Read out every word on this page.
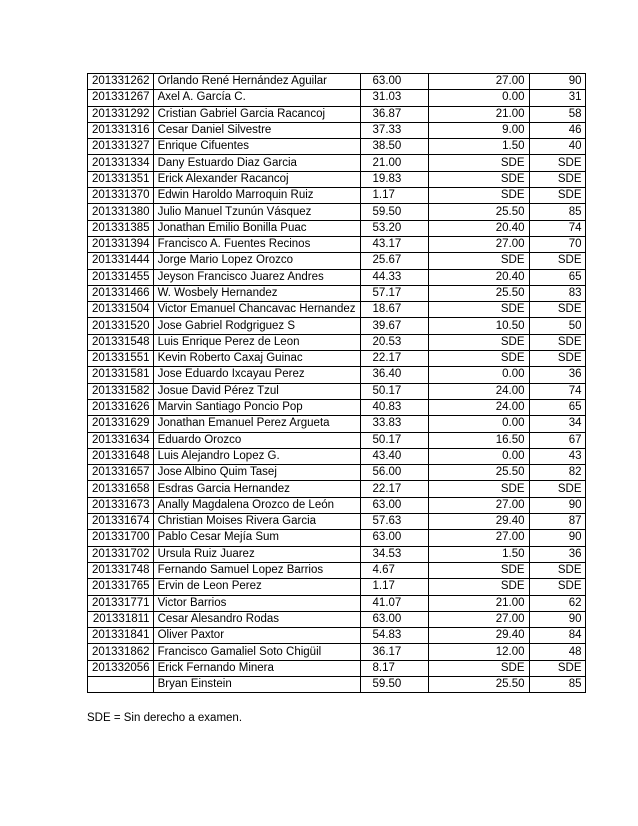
201331262	Orlando René Hernández Aguilar	63.00	27.00	90
201331267	Axel A. García C.	31.03	0.00	31
201331292	Cristian Gabriel Garcia Racancoj	36.87	21.00	58
201331316	Cesar Daniel Silvestre	37.33	9.00	46
201331327	Enrique Cifuentes	38.50	1.50	40
201331334	Dany Estuardo Diaz Garcia	21.00	SDE	SDE
201331351	Erick Alexander Racancoj	19.83	SDE	SDE
201331370	Edwin Haroldo Marroquin Ruiz	1.17	SDE	SDE
201331380	Julio Manuel Tzunún Vásquez	59.50	25.50	85
201331385	Jonathan Emilio Bonilla Puac	53.20	20.40	74
201331394	Francisco A. Fuentes Recinos	43.17	27.00	70
201331444	Jorge Mario Lopez Orozco	25.67	SDE	SDE
201331455	Jeyson Francisco Juarez Andres	44.33	20.40	65
201331466	W. Wosbely Hernandez	57.17	25.50	83
201331504	Victor Emanuel Chancavac Hernandez	18.67	SDE	SDE
201331520	Jose Gabriel Rodgriguez S	39.67	10.50	50
201331548	Luis Enrique Perez de Leon	20.53	SDE	SDE
201331551	Kevin Roberto Caxaj Guinac	22.17	SDE	SDE
201331581	Jose Eduardo Ixcayau Perez	36.40	0.00	36
201331582	Josue David Pérez Tzul	50.17	24.00	74
201331626	Marvin Santiago Poncio Pop	40.83	24.00	65
201331629	Jonathan Emanuel Perez Argueta	33.83	0.00	34
201331634	Eduardo Orozco	50.17	16.50	67
201331648	Luis Alejandro Lopez G.	43.40	0.00	43
201331657	Jose Albino Quim Tasej	56.00	25.50	82
201331658	Esdras Garcia Hernandez	22.17	SDE	SDE
201331673	Anally Magdalena Orozco de León	63.00	27.00	90
201331674	Christian Moises Rivera Garcia	57.63	29.40	87
201331700	Pablo Cesar Mejía Sum	63.00	27.00	90
201331702	Ursula Ruiz Juarez	34.53	1.50	36
201331748	Fernando Samuel Lopez Barrios	4.67	SDE	SDE
201331765	Ervin de Leon Perez	1.17	SDE	SDE
201331771	Victor Barrios	41.07	21.00	62
201331811	Cesar Alesandro Rodas	63.00	27.00	90
201331841	Oliver Paxtor	54.83	29.40	84
201331862	Francisco Gamaliel Soto Chigüil	36.17	12.00	48
201332056	Erick Fernando Minera	8.17	SDE	SDE
	Bryan Einstein	59.50	25.50	85
SDE = Sin derecho a examen.
